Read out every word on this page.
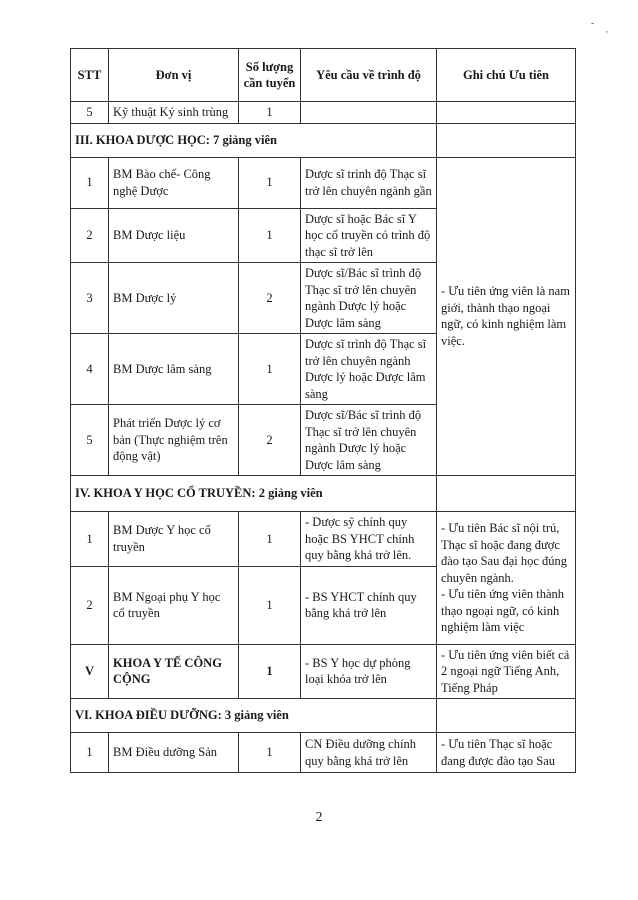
-
'
STT	Đơn vị	Số lượng cần tuyển	Yêu cầu về trình độ	Ghi chú Ưu tiên
5	Kỹ thuật Ký sinh trùng	1		
III. KHOA DƯỢC HỌC: 7 giảng viên				
1	BM Bào chế- Công nghệ Dược	1	Dược sĩ trình độ Thạc sĩ trở lên chuyên ngành gần	- Ưu tiên ứng viên là nam giới, thành thạo ngoại ngữ, có kinh nghiệm làm việc.
2	BM Dược liệu	1	Dược sĩ hoặc Bác sĩ Y học cổ truyền có trình độ thạc sĩ trở lên	
3	BM Dược lý	2	Dược sĩ/Bác sĩ trình độ Thạc sĩ trở lên chuyên ngành Dược lý hoặc Dược lâm sàng	
4	BM Dược lâm sàng	1	Dược sĩ trình độ Thạc sĩ trở lên chuyên ngành Dược lý hoặc Dược lâm sàng	
5	Phát triển Dược lý cơ bản (Thực nghiệm trên động vật)	2	Dược sĩ/Bác sĩ trình độ Thạc sĩ trở lên chuyên ngành Dược lý hoặc Dược lâm sàng	
IV. KHOA Y HỌC CỔ TRUYỀN: 2 giảng viên				
1	BM Dược Y học cổ truyền	1	- Dược sỹ chính quy hoặc BS YHCT chính quy bằng khá trở lên.	- Ưu tiên Bác sĩ nội trú, Thạc sĩ hoặc đang được đào tạo Sau đại học đúng chuyên ngành.
- Ưu tiên ứng viên thành thạo ngoại ngữ, có kinh nghiệm làm việc
2	BM Ngoại phụ Y học cổ truyền	1	- BS YHCT chính quy bằng khá trở lên	
V	KHOA Y TẾ CÔNG CỘNG	1	- BS Y học dự phòng loại khóa trở lên	- Ưu tiên ứng viên biết cả 2 ngoại ngữ Tiếng Anh, Tiếng Pháp
VI. KHOA ĐIỀU DƯỠNG: 3 giảng viên				
1	BM Điều dưỡng Sản	1	CN Điều dưỡng chính quy bằng khá trở lên	- Ưu tiên Thạc sĩ hoặc đang được đào tạo Sau
2
